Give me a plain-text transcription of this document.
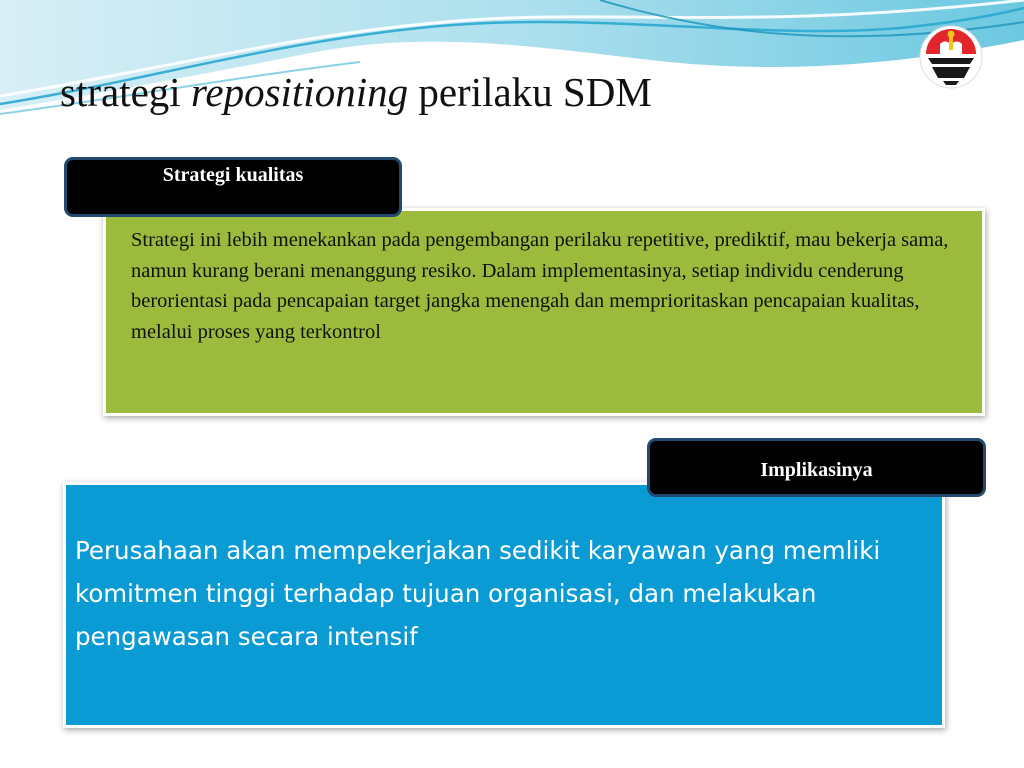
strategi repositioning perilaku SDM

Strategi ini lebih menekankan pada pengembangan perilaku repetitive, prediktif, mau bekerja sama, namun kurang berani menanggung resiko. Dalam implementasinya, setiap individu cenderung berorientasi pada pencapaian target jangka menengah dan memprioritaskan pencapaian kualitas, melalui proses yang terkontrol

Strategi kualitas

Perusahaan akan mempekerjakan sedikit karyawan yang memliki komitmen tinggi terhadap tujuan organisasi, dan melakukan pengawasan secara intensif

Implikasinya
